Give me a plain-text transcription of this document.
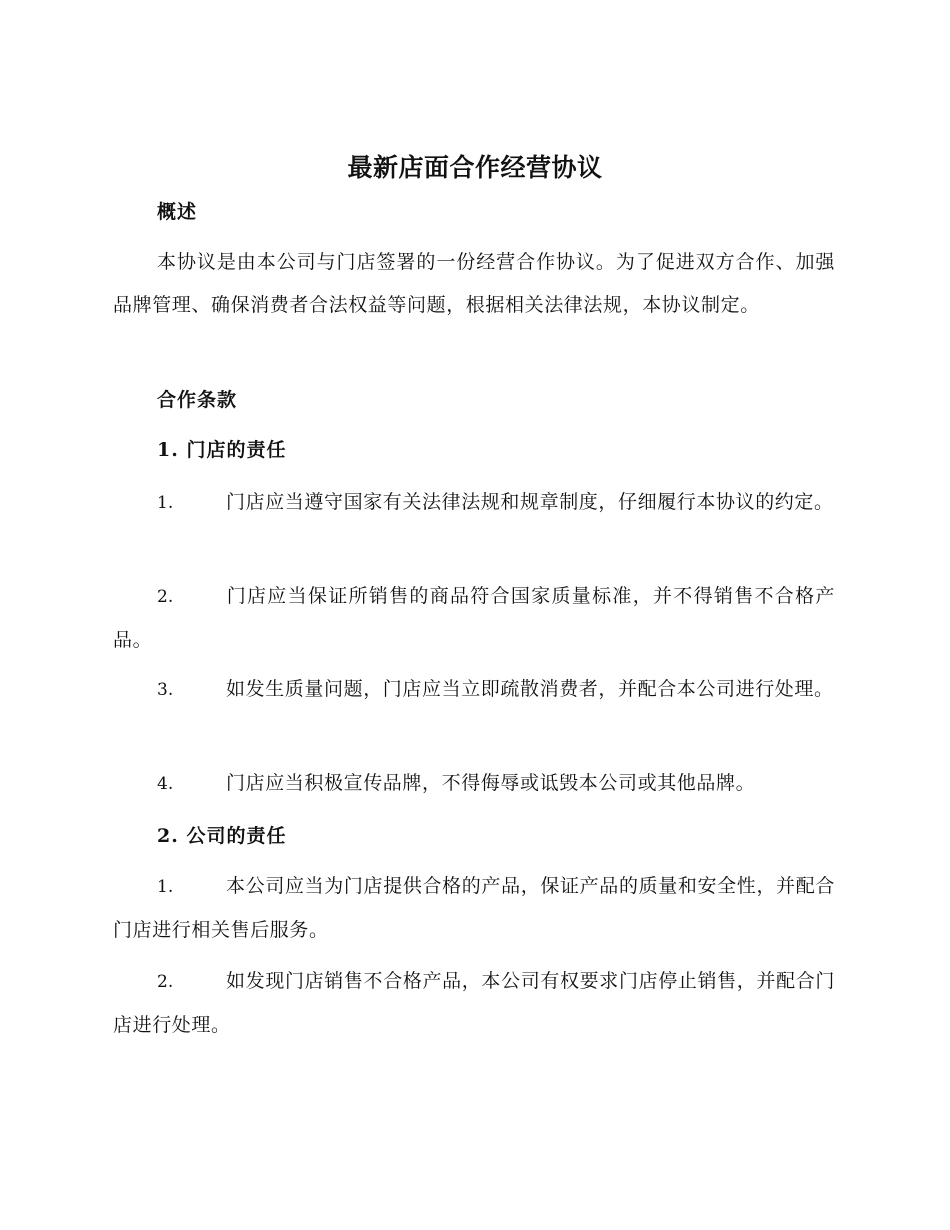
最新店面合作经营协议
概述
本协议是由本公司与门店签署的一份经营合作协议。为了促进双方合作、加强品牌管理、确保消费者合法权益等问题，根据相关法律法规，本协议制定。
合作条款
1. 门店的责任
1.	门店应当遵守国家有关法律法规和规章制度，仔细履行本协议的约定。
2.	门店应当保证所销售的商品符合国家质量标准，并不得销售不合格产品。
3.	如发生质量问题，门店应当立即疏散消费者，并配合本公司进行处理。
4.	门店应当积极宣传品牌，不得侮辱或诋毁本公司或其他品牌。
2. 公司的责任
1.	本公司应当为门店提供合格的产品，保证产品的质量和安全性，并配合门店进行相关售后服务。
2.	如发现门店销售不合格产品，本公司有权要求门店停止销售，并配合门店进行处理。
